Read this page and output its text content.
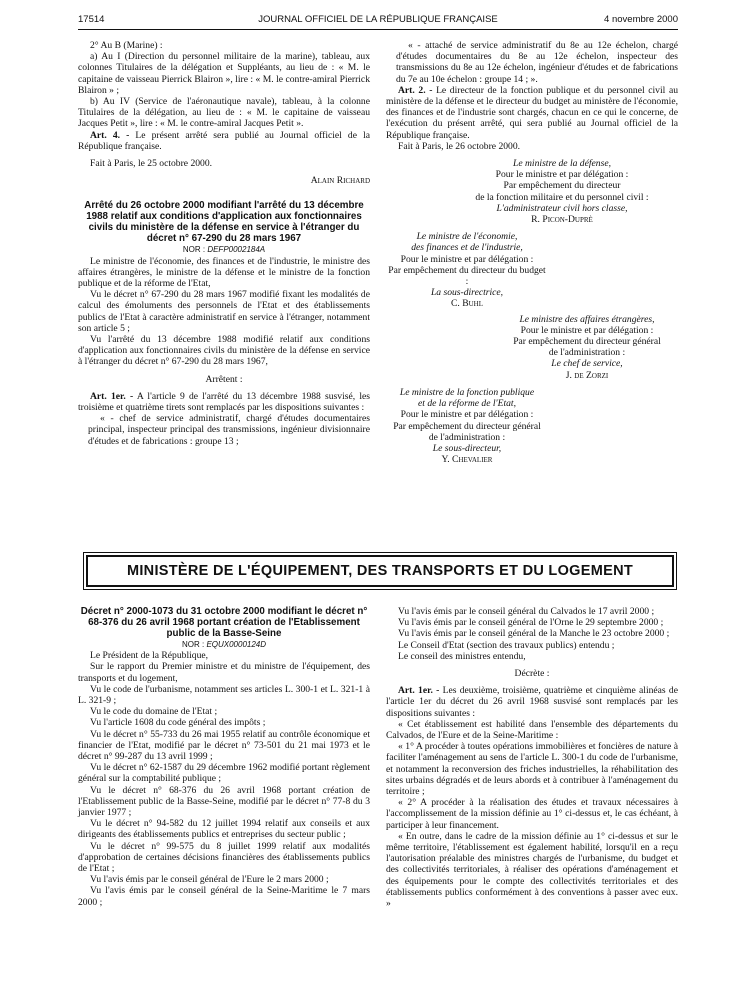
17514	JOURNAL OFFICIEL DE LA RÉPUBLIQUE FRANÇAISE	4 novembre 2000

2° Au B (Marine) :

a) Au I (Direction du personnel militaire de la marine), tableau, aux colonnes Titulaires de la délégation et Suppléants, au lieu de : « M. le capitaine de vaisseau Pierrick Blairon », lire : « M. le contre-amiral Pierrick Blairon » ;

b) Au IV (Service de l'aéronautique navale), tableau, à la colonne Titulaires de la délégation, au lieu de : « M. le capitaine de vaisseau Jacques Petit », lire : « M. le contre-amiral Jacques Petit ».

Art. 4. - Le présent arrêté sera publié au Journal officiel de la République française.

Fait à Paris, le 25 octobre 2000.

Alain Richard

Arrêté du 26 octobre 2000 modifiant l'arrêté du 13 décembre 1988 relatif aux conditions d'application aux fonctionnaires civils du ministère de la défense en service à l'étranger du décret n° 67-290 du 28 mars 1967

NOR : DEFP0002184A

Le ministre de l'économie, des finances et de l'industrie, le ministre des affaires étrangères, le ministre de la défense et le ministre de la fonction publique et de la réforme de l'Etat,

Vu le décret n° 67-290 du 28 mars 1967 modifié fixant les modalités de calcul des émoluments des personnels de l'Etat et des établissements publics de l'Etat à caractère administratif en service à l'étranger, notamment son article 5 ;

Vu l'arrêté du 13 décembre 1988 modifié relatif aux conditions d'application aux fonctionnaires civils du ministère de la défense en service à l'étranger du décret n° 67-290 du 28 mars 1967,

Arrêtent :

Art. 1er. - A l'article 9 de l'arrêté du 13 décembre 1988 susvisé, les troisième et quatrième tirets sont remplacés par les dispositions suivantes :

« - chef de service administratif, chargé d'études documentaires principal, inspecteur principal des transmissions, ingénieur divisionnaire d'études et de fabrications : groupe 13 ;

« - attaché de service administratif du 8e au 12e échelon, chargé d'études documentaires du 8e au 12e échelon, inspecteur des transmissions du 8e au 12e échelon, ingénieur d'études et de fabrications du 7e au 10e échelon : groupe 14 ; ».

Art. 2. - Le directeur de la fonction publique et du personnel civil au ministère de la défense et le directeur du budget au ministère de l'économie, des finances et de l'industrie sont chargés, chacun en ce qui le concerne, de l'exécution du présent arrêté, qui sera publié au Journal officiel de la République française.

Fait à Paris, le 26 octobre 2000.

Le ministre de la défense,

Pour le ministre et par délégation :

Par empêchement du directeur

de la fonction militaire et du personnel civil :

L'administrateur civil hors classe,

R. Picon-Duprè

Le ministre de l'économie,

des finances et de l'industrie,

Pour le ministre et par délégation :

Par empêchement du directeur du budget :

La sous-directrice,

C. Buhl

Le ministre des affaires étrangères,

Pour le ministre et par délégation :

Par empêchement du directeur général

de l'administration :

Le chef de service,

J. de Zorzi

Le ministre de la fonction publique

et de la réforme de l'Etat,

Pour le ministre et par délégation :

Par empêchement du directeur général

de l'administration :

Le sous-directeur,

Y. Chevalier

MINISTÈRE DE L'ÉQUIPEMENT, DES TRANSPORTS ET DU LOGEMENT

Décret n° 2000-1073 du 31 octobre 2000 modifiant le décret n° 68-376 du 26 avril 1968 portant création de l'Etablissement public de la Basse-Seine

NOR : EQUX0000124D

Le Président de la République,

Sur le rapport du Premier ministre et du ministre de l'équipement, des transports et du logement,

Vu le code de l'urbanisme, notamment ses articles L. 300-1 et L. 321-1 à L. 321-9 ;

Vu le code du domaine de l'Etat ;

Vu l'article 1608 du code général des impôts ;

Vu le décret n° 55-733 du 26 mai 1955 relatif au contrôle économique et financier de l'Etat, modifié par le décret n° 73-501 du 21 mai 1973 et le décret n° 99-287 du 13 avril 1999 ;

Vu le décret n° 62-1587 du 29 décembre 1962 modifié portant règlement général sur la comptabilité publique ;

Vu le décret n° 68-376 du 26 avril 1968 portant création de l'Etablissement public de la Basse-Seine, modifié par le décret n° 77-8 du 3 janvier 1977 ;

Vu le décret n° 94-582 du 12 juillet 1994 relatif aux conseils et aux dirigeants des établissements publics et entreprises du secteur public ;

Vu le décret n° 99-575 du 8 juillet 1999 relatif aux modalités d'approbation de certaines décisions financières des établissements publics de l'Etat ;

Vu l'avis émis par le conseil général de l'Eure le 2 mars 2000 ;

Vu l'avis émis par le conseil général de la Seine-Maritime le 7 mars 2000 ;

Vu l'avis émis par le conseil général du Calvados le 17 avril 2000 ;

Vu l'avis émis par le conseil général de l'Orne le 29 septembre 2000 ;

Vu l'avis émis par le conseil général de la Manche le 23 octobre 2000 ;

Le Conseil d'Etat (section des travaux publics) entendu ;

Le conseil des ministres entendu,

Décrète :

Art. 1er. - Les deuxième, troisième, quatrième et cinquième alinéas de l'article 1er du décret du 26 avril 1968 susvisé sont remplacés par les dispositions suivantes :

« Cet établissement est habilité dans l'ensemble des départements du Calvados, de l'Eure et de la Seine-Maritime :

« 1° A procéder à toutes opérations immobilières et foncières de nature à faciliter l'aménagement au sens de l'article L. 300-1 du code de l'urbanisme, et notamment la reconversion des friches industrielles, la réhabilitation des sites urbains dégradés et de leurs abords et à contribuer à l'aménagement du territoire ;

« 2° A procéder à la réalisation des études et travaux nécessaires à l'accomplissement de la mission définie au 1° ci-dessus et, le cas échéant, à participer à leur financement.

« En outre, dans le cadre de la mission définie au 1° ci-dessus et sur le même territoire, l'établissement est également habilité, lorsqu'il en a reçu l'autorisation préalable des ministres chargés de l'urbanisme, du budget et des collectivités territoriales, à réaliser des opérations d'aménagement et des équipements pour le compte des collectivités territoriales et des établissements publics conformément à des conventions à passer avec eux. »
